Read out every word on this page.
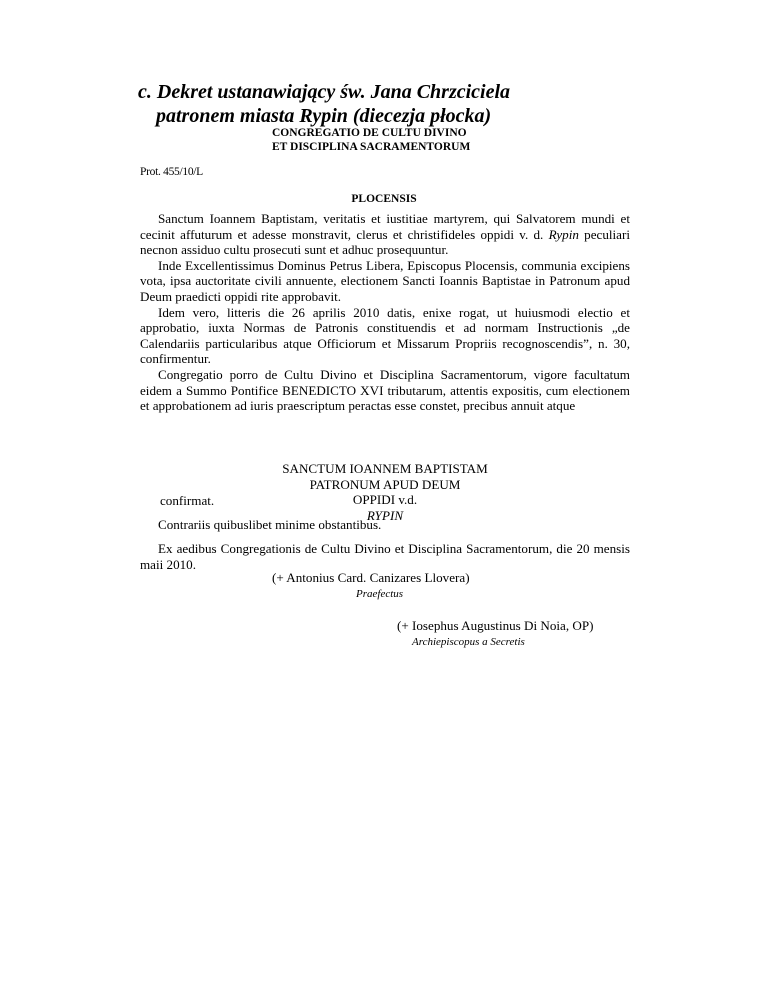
c. Dekret ustanawiający św. Jana Chrzciciela
patronem miasta Rypin (diecezja płocka)
CONGREGATIO DE CULTU DIVINO
ET DISCIPLINA SACRAMENTORUM
Prot. 455/10/L
PLOCENSIS

Sanctum Ioannem Baptistam, veritatis et iustitiae martyrem, qui Salvatorem mundi et cecinit affuturum et adesse monstravit, clerus et christifideles oppidi v. d. Rypin peculiari necnon assiduo cultu prosecuti sunt et adhuc prosequuntur.

Inde Excellentissimus Dominus Petrus Libera, Episcopus Plocensis, communia excipiens vota, ipsa auctoritate civili annuente, electionem Sancti Ioannis Baptistae in Patronum apud Deum praedicti oppidi rite approbavit.

Idem vero, litteris die 26 aprilis 2010 datis, enixe rogat, ut huiusmodi electio et approbatio, iuxta Normas de Patronis constituendis et ad normam Instructionis „de Calendariis particularibus atque Officiorum et Missarum Propriis recognoscendis”, n. 30, confirmentur.

Congregatio porro de Cultu Divino et Disciplina Sacramentorum, vigore facultatum eidem a Summo Pontifice BENEDICTO XVI tributarum, attentis expositis, cum electionem et approbationem ad iuris praescriptum peractas esse constet, precibus annuit atque

SANCTUM IOANNEM BAPTISTAM
PATRONUM APUD DEUM
OPPIDI v.d.
RYPIN
confirmat.
Contrariis quibuslibet minime obstantibus.

Ex aedibus Congregationis de Cultu Divino et Disciplina Sacramentorum, die 20 mensis maii 2010.

(+ Antonius Card. Canizares Llovera)
Praefectus
(+ Iosephus Augustinus Di Noia, OP)
Archiepiscopus a Secretis
